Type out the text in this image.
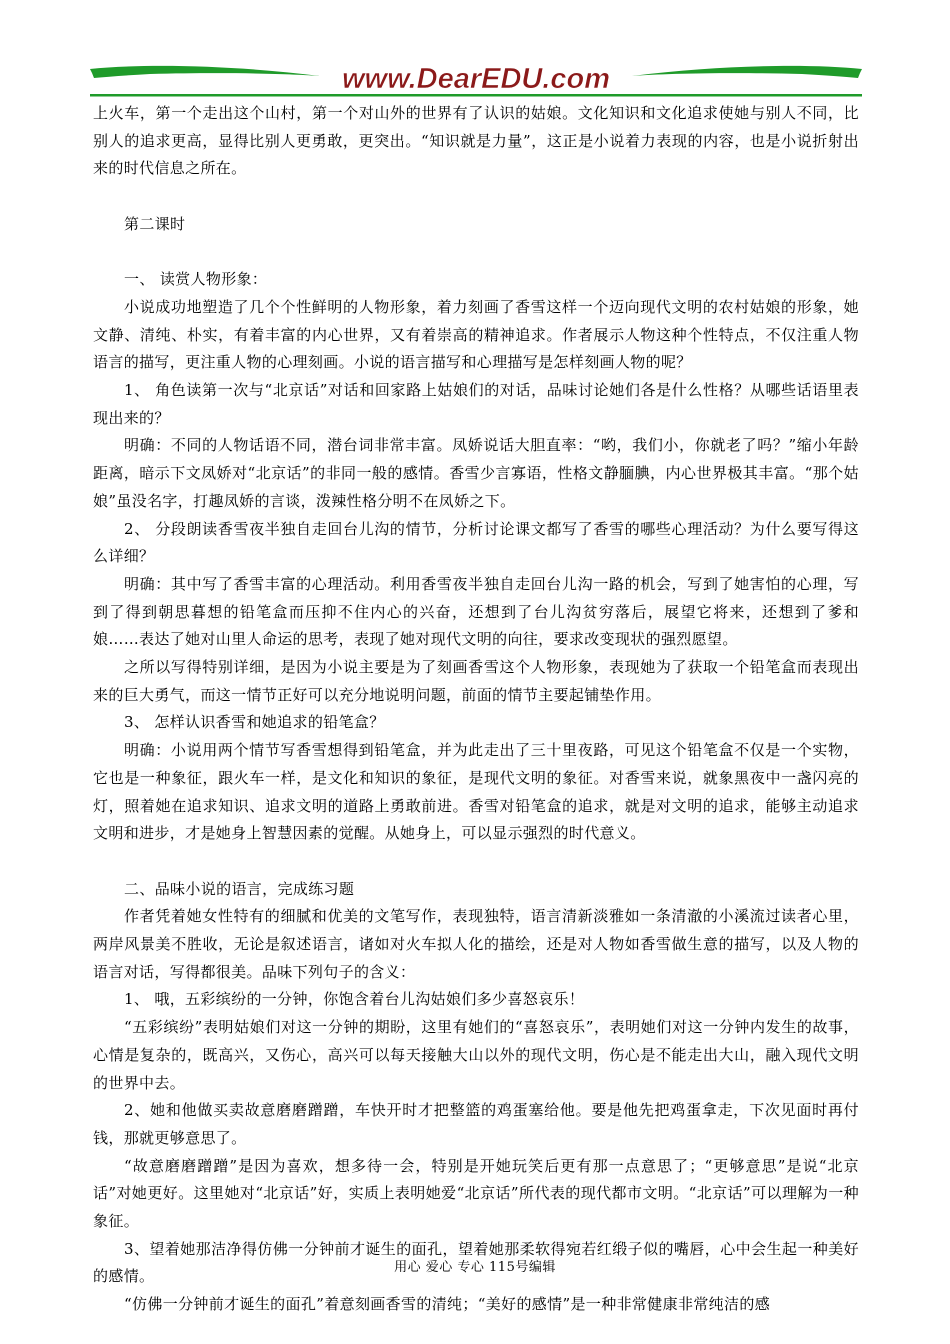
www.DearEDU.com

上火车，第一个走出这个山村，第一个对山外的世界有了认识的姑娘。文化知识和文化追求使她与别人不同，比别人的追求更高，显得比别人更勇敢，更突出。“知识就是力量”，这正是小说着力表现的内容，也是小说折射出来的时代信息之所在。

第二课时

一、 读赏人物形象：

小说成功地塑造了几个个性鲜明的人物形象，着力刻画了香雪这样一个迈向现代文明的农村姑娘的形象，她文静、清纯、朴实，有着丰富的内心世界，又有着崇高的精神追求。作者展示人物这种个性特点，不仅注重人物语言的描写，更注重人物的心理刻画。小说的语言描写和心理描写是怎样刻画人物的呢？

1、 角色读第一次与“北京话”对话和回家路上姑娘们的对话，品味讨论她们各是什么性格？从哪些话语里表现出来的？

明确：不同的人物话语不同，潜台词非常丰富。凤娇说话大胆直率：“哟，我们小，你就老了吗？”缩小年龄距离，暗示下文凤娇对“北京话”的非同一般的感情。香雪少言寡语，性格文静腼腆，内心世界极其丰富。“那个姑娘”虽没名字，打趣凤娇的言谈，泼辣性格分明不在凤娇之下。

2、 分段朗读香雪夜半独自走回台儿沟的情节，分析讨论课文都写了香雪的哪些心理活动？为什么要写得这么详细？

明确：其中写了香雪丰富的心理活动。利用香雪夜半独自走回台儿沟一路的机会，写到了她害怕的心理，写到了得到朝思暮想的铅笔盒而压抑不住内心的兴奋，还想到了台儿沟贫穷落后，展望它将来，还想到了爹和娘……表达了她对山里人命运的思考，表现了她对现代文明的向往，要求改变现状的强烈愿望。

之所以写得特别详细，是因为小说主要是为了刻画香雪这个人物形象，表现她为了获取一个铅笔盒而表现出来的巨大勇气，而这一情节正好可以充分地说明问题，前面的情节主要起铺垫作用。

3、 怎样认识香雪和她追求的铅笔盒？

明确：小说用两个情节写香雪想得到铅笔盒，并为此走出了三十里夜路，可见这个铅笔盒不仅是一个实物，它也是一种象征，跟火车一样，是文化和知识的象征，是现代文明的象征。对香雪来说，就象黑夜中一盏闪亮的灯，照着她在追求知识、追求文明的道路上勇敢前进。香雪对铅笔盒的追求，就是对文明的追求，能够主动追求文明和进步，才是她身上智慧因素的觉醒。从她身上，可以显示强烈的时代意义。

二、品味小说的语言，完成练习题

作者凭着她女性特有的细腻和优美的文笔写作，表现独特，语言清新淡雅如一条清澈的小溪流过读者心里，两岸风景美不胜收，无论是叙述语言，诸如对火车拟人化的描绘，还是对人物如香雪做生意的描写，以及人物的语言对话，写得都很美。品味下列句子的含义：

1、 哦，五彩缤纷的一分钟，你饱含着台儿沟姑娘们多少喜怒哀乐！

“五彩缤纷”表明姑娘们对这一分钟的期盼，这里有她们的“喜怒哀乐”，表明她们对这一分钟内发生的故事，心情是复杂的，既高兴，又伤心，高兴可以每天接触大山以外的现代文明，伤心是不能走出大山，融入现代文明的世界中去。

2、她和他做买卖故意磨磨蹭蹭，车快开时才把整篮的鸡蛋塞给他。要是他先把鸡蛋拿走，下次见面时再付钱，那就更够意思了。

“故意磨磨蹭蹭”是因为喜欢，想多待一会，特别是开她玩笑后更有那一点意思了；“更够意思”是说“北京话”对她更好。这里她对“北京话”好，实质上表明她爱“北京话”所代表的现代都市文明。“北京话”可以理解为一种象征。

3、望着她那洁净得仿佛一分钟前才诞生的面孔，望着她那柔软得宛若红缎子似的嘴唇，心中会生起一种美好的感情。

“仿佛一分钟前才诞生的面孔”着意刻画香雪的清纯；“美好的感情”是一种非常健康非常纯洁的感

用心 爱心 专心 115号编辑
